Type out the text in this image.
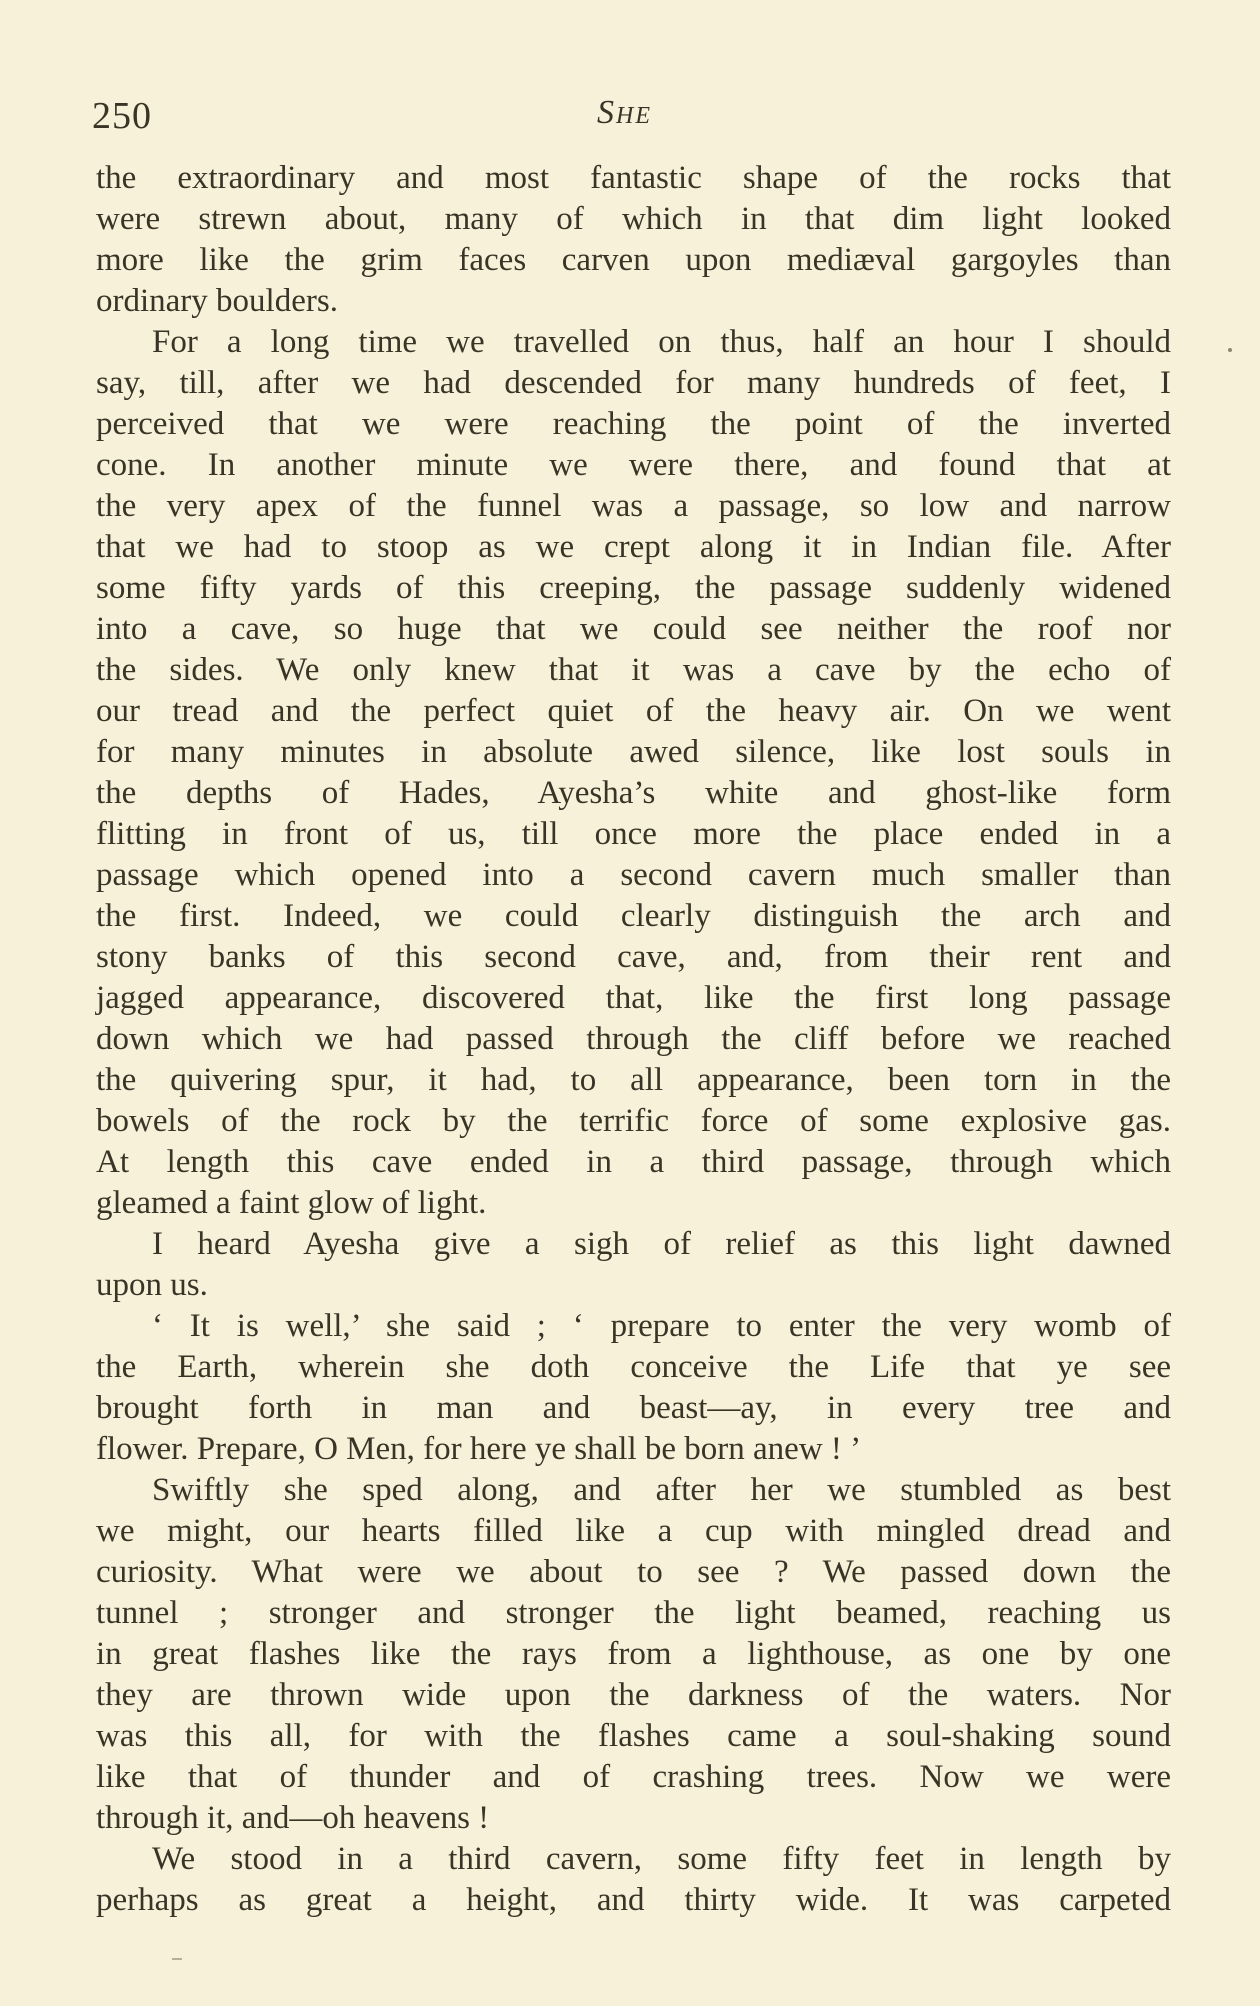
250	She
the extraordinary and most fantastic shape of the rocks that
were strewn about, many of which in that dim light looked
more like the grim faces carven upon mediæval gargoyles than
ordinary boulders.
For a long time we travelled on thus, half an hour I should
say, till, after we had descended for many hundreds of feet, I
perceived that we were reaching the point of the inverted
cone. In another minute we were there, and found that at
the very apex of the funnel was a passage, so low and narrow
that we had to stoop as we crept along it in Indian file. After
some fifty yards of this creeping, the passage suddenly widened
into a cave, so huge that we could see neither the roof nor
the sides. We only knew that it was a cave by the echo of
our tread and the perfect quiet of the heavy air. On we went
for many minutes in absolute awed silence, like lost souls in
the depths of Hades, Ayesha’s white and ghost-like form
flitting in front of us, till once more the place ended in a
passage which opened into a second cavern much smaller than
the first. Indeed, we could clearly distinguish the arch and
stony banks of this second cave, and, from their rent and
jagged appearance, discovered that, like the first long passage
down which we had passed through the cliff before we reached
the quivering spur, it had, to all appearance, been torn in the
bowels of the rock by the terrific force of some explosive gas.
At length this cave ended in a third passage, through which
gleamed a faint glow of light.
I heard Ayesha give a sigh of relief as this light dawned
upon us.
‘ It is well,’ she said ; ‘ prepare to enter the very womb of
the Earth, wherein she doth conceive the Life that ye see
brought forth in man and beast—ay, in every tree and
flower. Prepare, O Men, for here ye shall be born anew ! ’
Swiftly she sped along, and after her we stumbled as best
we might, our hearts filled like a cup with mingled dread and
curiosity. What were we about to see ? We passed down the
tunnel ; stronger and stronger the light beamed, reaching us
in great flashes like the rays from a lighthouse, as one by one
they are thrown wide upon the darkness of the waters. Nor
was this all, for with the flashes came a soul-shaking sound
like that of thunder and of crashing trees. Now we were
through it, and—oh heavens !
We stood in a third cavern, some fifty feet in length by
perhaps as great a height, and thirty wide. It was carpeted
